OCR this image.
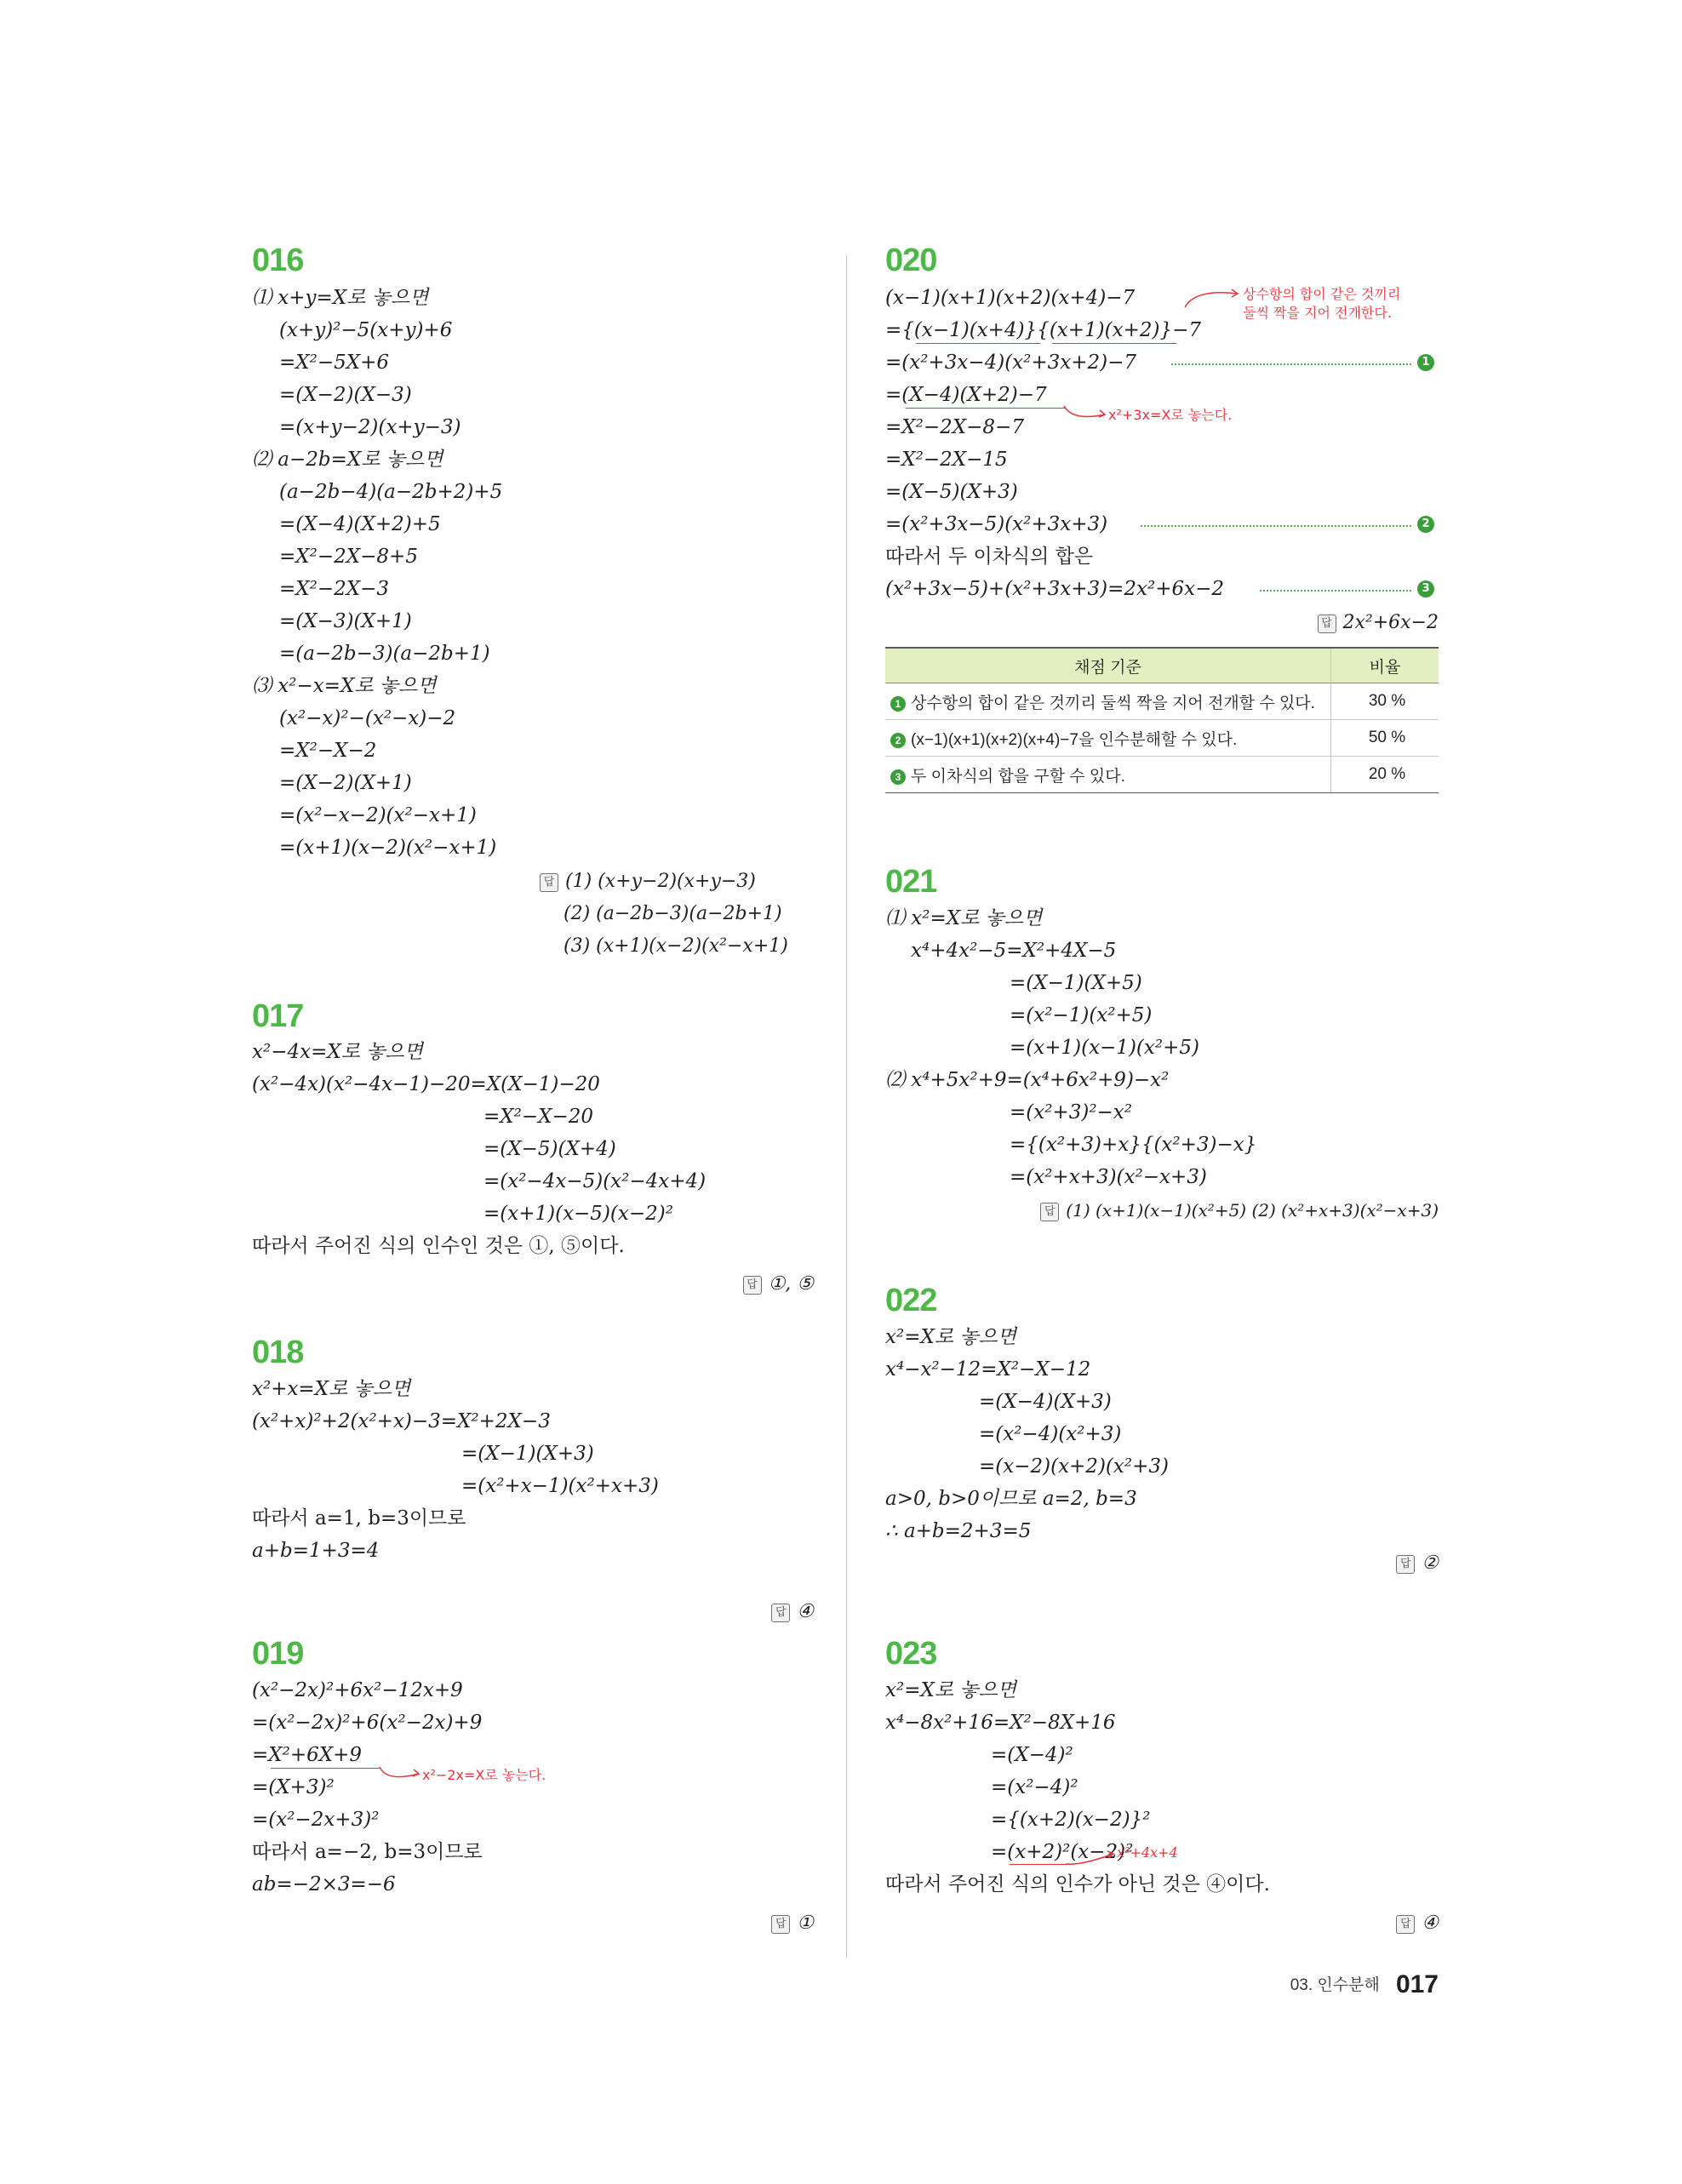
016
⑴ x+y=X로 놓으면
(x+y)²−5(x+y)+6
=X²−5X+6
=(X−2)(X−3)
=(x+y−2)(x+y−3)
⑵ a−2b=X로 놓으면
(a−2b−4)(a−2b+2)+5
=(X−4)(X+2)+5
=X²−2X−8+5
=X²−2X−3
=(X−3)(X+1)
=(a−2b−3)(a−2b+1)
⑶ x²−x=X로 놓으면
(x²−x)²−(x²−x)−2
=X²−X−2
=(X−2)(X+1)
=(x²−x−2)(x²−x+1)
=(x+1)(x−2)(x²−x+1)
답 (1) (x+y−2)(x+y−3)
(2) (a−2b−3)(a−2b+1)
(3) (x+1)(x−2)(x²−x+1)
017
x²−4x=X로 놓으면
(x²−4x)(x²−4x−1)−20=X(X−1)−20
=X²−X−20
=(X−5)(X+4)
=(x²−4x−5)(x²−4x+4)
=(x+1)(x−5)(x−2)²
따라서 주어진 식의 인수인 것은 ①, ⑤이다.
답 ①, ⑤
018
x²+x=X로 놓으면
(x²+x)²+2(x²+x)−3=X²+2X−3
=(X−1)(X+3)
=(x²+x−1)(x²+x+3)
따라서 a=1, b=3이므로
a+b=1+3=4
답 ④
019
(x²−2x)²+6x²−12x+9
=(x²−2x)²+6(x²−2x)+9
=X²+6X+9
x²−2x=X로 놓는다.
=(X+3)²
=(x²−2x+3)²
따라서 a=−2, b=3이므로
ab=−2×3=−6
답 ①
020
(x−1)(x+1)(x+2)(x+4)−7	상수항의 합이 같은 것끼리
둘씩 짝을 지어 전개한다.
={(x−1)(x+4)}{(x+1)(x+2)}−7
=(x²+3x−4)(x²+3x+2)−7	1
=(X−4)(X+2)−7
x²+3x=X로 놓는다.
=X²−2X−8−7
=X²−2X−15
=(X−5)(X+3)
=(x²+3x−5)(x²+3x+3)	2
따라서 두 이차식의 합은
(x²+3x−5)+(x²+3x+3)=2x²+6x−2	3
답 2x²+6x−2
채점 기준	비율
1 상수항의 합이 같은 것끼리 둘씩 짝을 지어 전개할 수 있다.	30 %
2 (x−1)(x+1)(x+2)(x+4)−7을 인수분해할 수 있다.	50 %
3 두 이차식의 합을 구할 수 있다.	20 %
021
⑴ x²=X로 놓으면
x⁴+4x²−5=X²+4X−5
=(X−1)(X+5)
=(x²−1)(x²+5)
=(x+1)(x−1)(x²+5)
⑵ x⁴+5x²+9=(x⁴+6x²+9)−x²
=(x²+3)²−x²
={(x²+3)+x}{(x²+3)−x}
=(x²+x+3)(x²−x+3)
답 (1) (x+1)(x−1)(x²+5) (2) (x²+x+3)(x²−x+3)
022
x²=X로 놓으면
x⁴−x²−12=X²−X−12
=(X−4)(X+3)
=(x²−4)(x²+3)
=(x−2)(x+2)(x²+3)
a>0, b>0이므로 a=2, b=3
∴ a+b=2+3=5
답 ②
023
x²=X로 놓으면
x⁴−8x²+16=X²−8X+16
=(X−4)²
=(x²−4)²
={(x+2)(x−2)}²
=(x+2)²(x−2)²
x²+4x+4
따라서 주어진 식의 인수가 아닌 것은 ④이다.
답 ④
03. 인수분해 017
